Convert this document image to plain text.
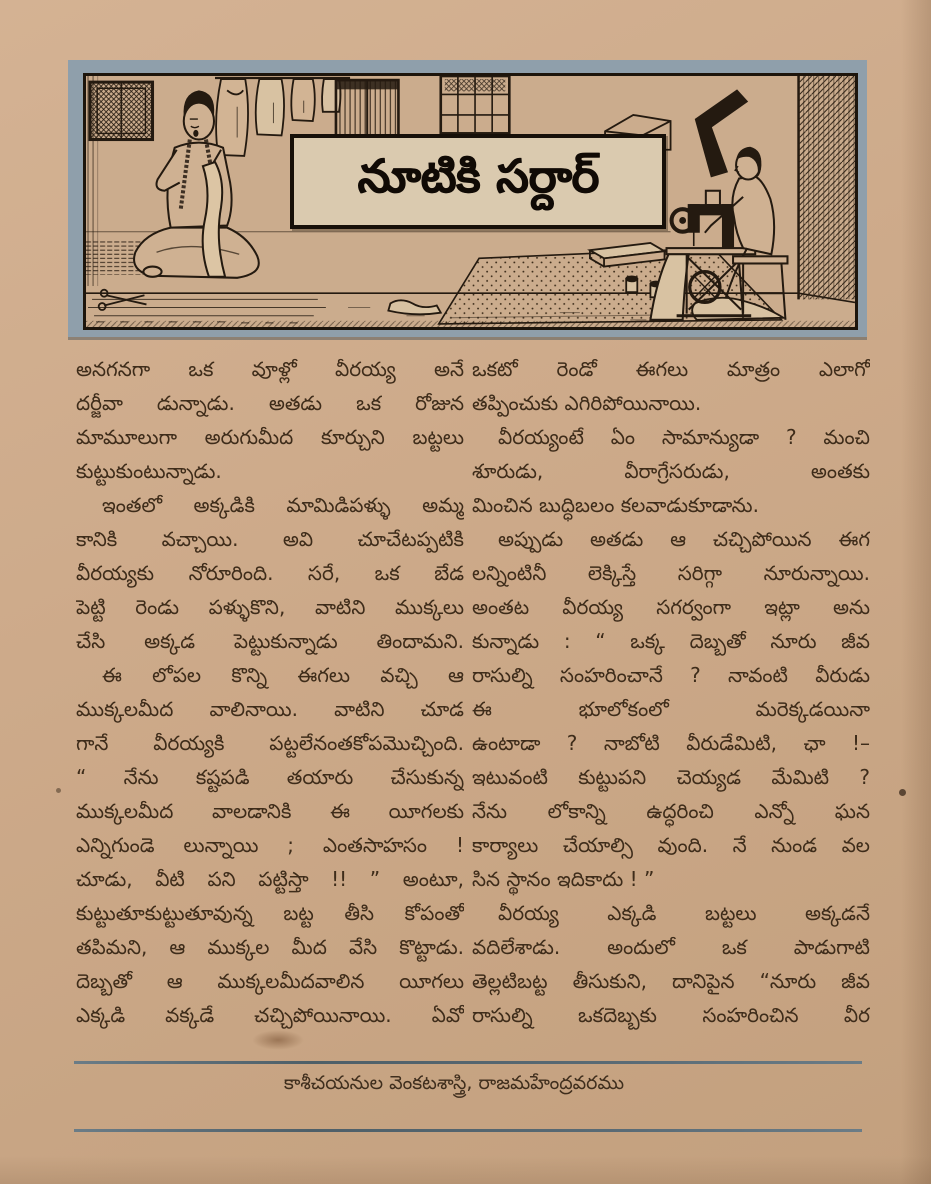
నూటికి సర్దార్
అనగనగా ఒక వూళ్లో వీరయ్య అనే
దర్జీవా డున్నాడు. అతడు ఒక రోజున
మామూలుగా అరుగుమీద కూర్చుని బట్టలు
కుట్టుకుంటున్నాడు.
ఇంతలో అక్కడికి మామిడిపళ్ళు అమ్మ
కానికి వచ్చాయి. అవి చూచేటప్పటికి
వీరయ్యకు నోరూరింది. సరే, ఒక బేడ
పెట్టి రెండు పళ్ళుకొని, వాటిని ముక్కలు
చేసి అక్కడ పెట్టుకున్నాడు తిందామని.
ఈ లోపల కొన్ని ఈగలు వచ్చి ఆ
ముక్కలమీద వాలినాయి. వాటిని చూడ
గానే వీరయ్యకి పట్టలేనంతకోపమొచ్చింది.
“ నేను కష్టపడి తయారు చేసుకున్న
ముక్కలమీద వాలడానికి ఈ యీగలకు
ఎన్నిగుండె లున్నాయి ; ఎంతసాహసం !
చూడు, వీటి పని పట్టిస్తా !! ” అంటూ,
కుట్టుతూకుట్టుతూవున్న బట్ట తీసి కోపంతో
తపిమని, ఆ ముక్కల మీద వేసి కొట్టాడు.
దెబ్బతో ఆ ముక్కలమీదవాలిన యీగలు
ఎక్కడి వక్కడే చచ్చిపోయినాయి. ఏవో
ఒకటో రెండో ఈగలు మాత్రం ఎలాగో
తప్పించుకు ఎగిరిపోయినాయి.
వీరయ్యంటే ఏం సామాన్యుడా ? మంచి
శూరుడు, వీరాగ్రేసరుడు, అంతకు
మించిన బుద్ధిబలం కలవాడుకూడాను.
అప్పుడు అతడు ఆ చచ్చిపోయిన ఈగ
లన్నింటినీ లెక్కిస్తే సరిగ్గా నూరున్నాయి.
అంతట వీరయ్య సగర్వంగా ఇట్లా అను
కున్నాడు : “ ఒక్క దెబ్బతో నూరు జీవ
రాసుల్ని సంహరించానే ? నావంటి వీరుడు
ఈ భూలోకంలో మరెక్కడయినా
ఉంటాడా ? నాబోటి వీరుడేమిటి, ఛా !–
ఇటువంటి కుట్టుపని చెయ్యడ మేమిటి ?
నేను లోకాన్ని ఉద్ధరించి ఎన్నో ఘన
కార్యాలు చేయాల్సి వుంది. నే నుండ వల
సిన స్థానం ఇదికాదు ! ”
వీరయ్య ఎక్కడి బట్టలు అక్కడనే
వదిలేశాడు. అందులో ఒక పాడుగాటి
తెల్లటిబట్ట తీసుకుని, దానిపైన “నూరు జీవ
రాసుల్ని ఒకదెబ్బకు సంహరించిన వీర
కాశీచయనుల వెంకటశాస్త్రి, రాజమహేంద్రవరము
